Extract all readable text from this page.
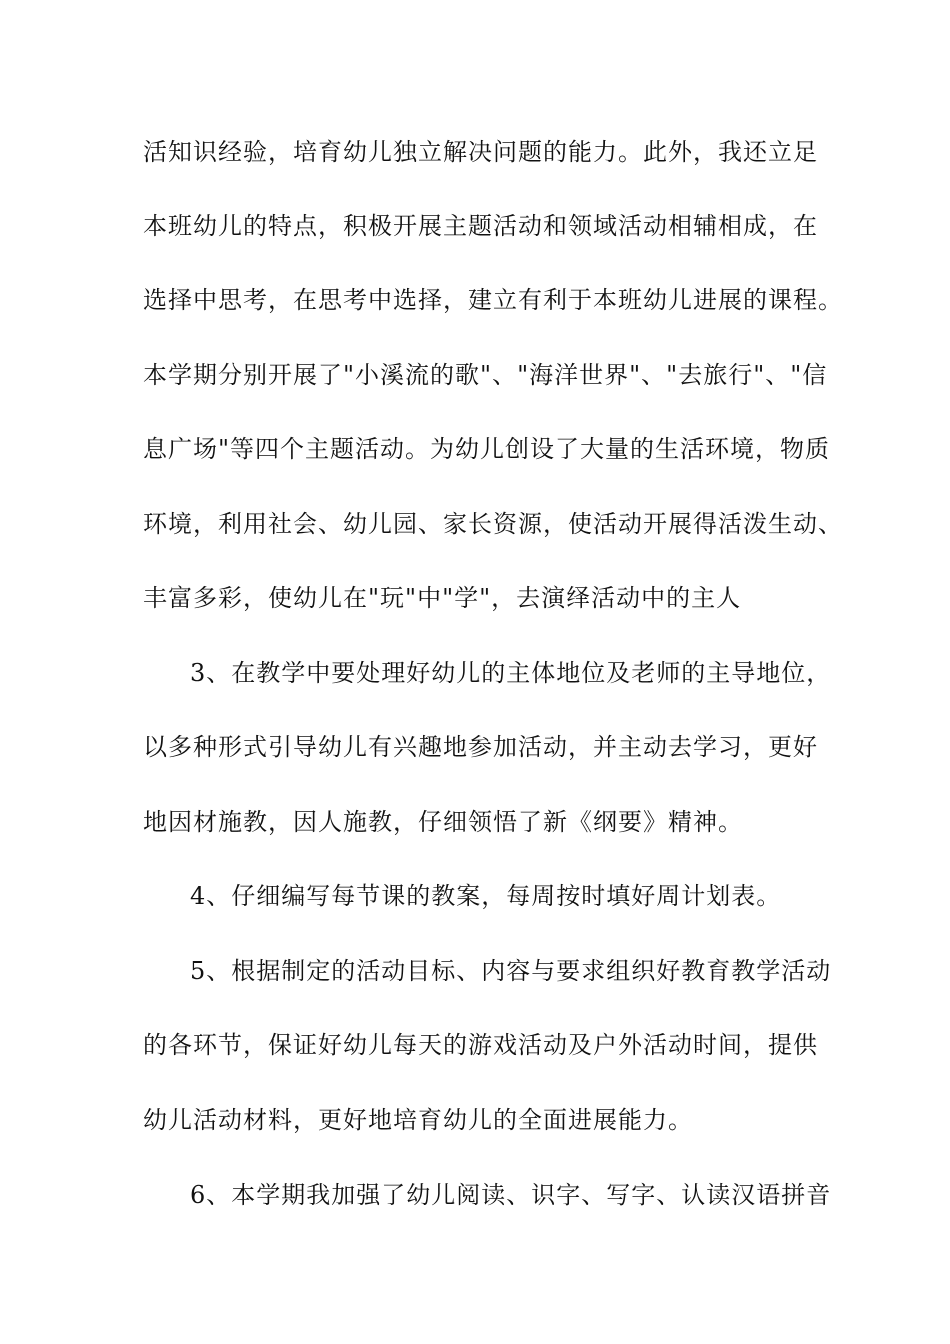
活知识经验，培育幼儿独立解决问题的能力。此外，我还立足
本班幼儿的特点，积极开展主题活动和领域活动相辅相成，在
选择中思考，在思考中选择，建立有利于本班幼儿进展的课程。
本学期分别开展了"小溪流的歌"、"海洋世界"、"去旅行"、"信
息广场"等四个主题活动。为幼儿创设了大量的生活环境，物质
环境，利用社会、幼儿园、家长资源，使活动开展得活泼生动、
丰富多彩，使幼儿在"玩"中"学"，去演绎活动中的主人
3、在教学中要处理好幼儿的主体地位及老师的主导地位，
以多种形式引导幼儿有兴趣地参加活动，并主动去学习，更好
地因材施教，因人施教，仔细领悟了新《纲要》精神。
4、仔细编写每节课的教案，每周按时填好周计划表。
5、根据制定的活动目标、内容与要求组织好教育教学活动
的各环节，保证好幼儿每天的游戏活动及户外活动时间，提供
幼儿活动材料，更好地培育幼儿的全面进展能力。
6、本学期我加强了幼儿阅读、识字、写字、认读汉语拼音
